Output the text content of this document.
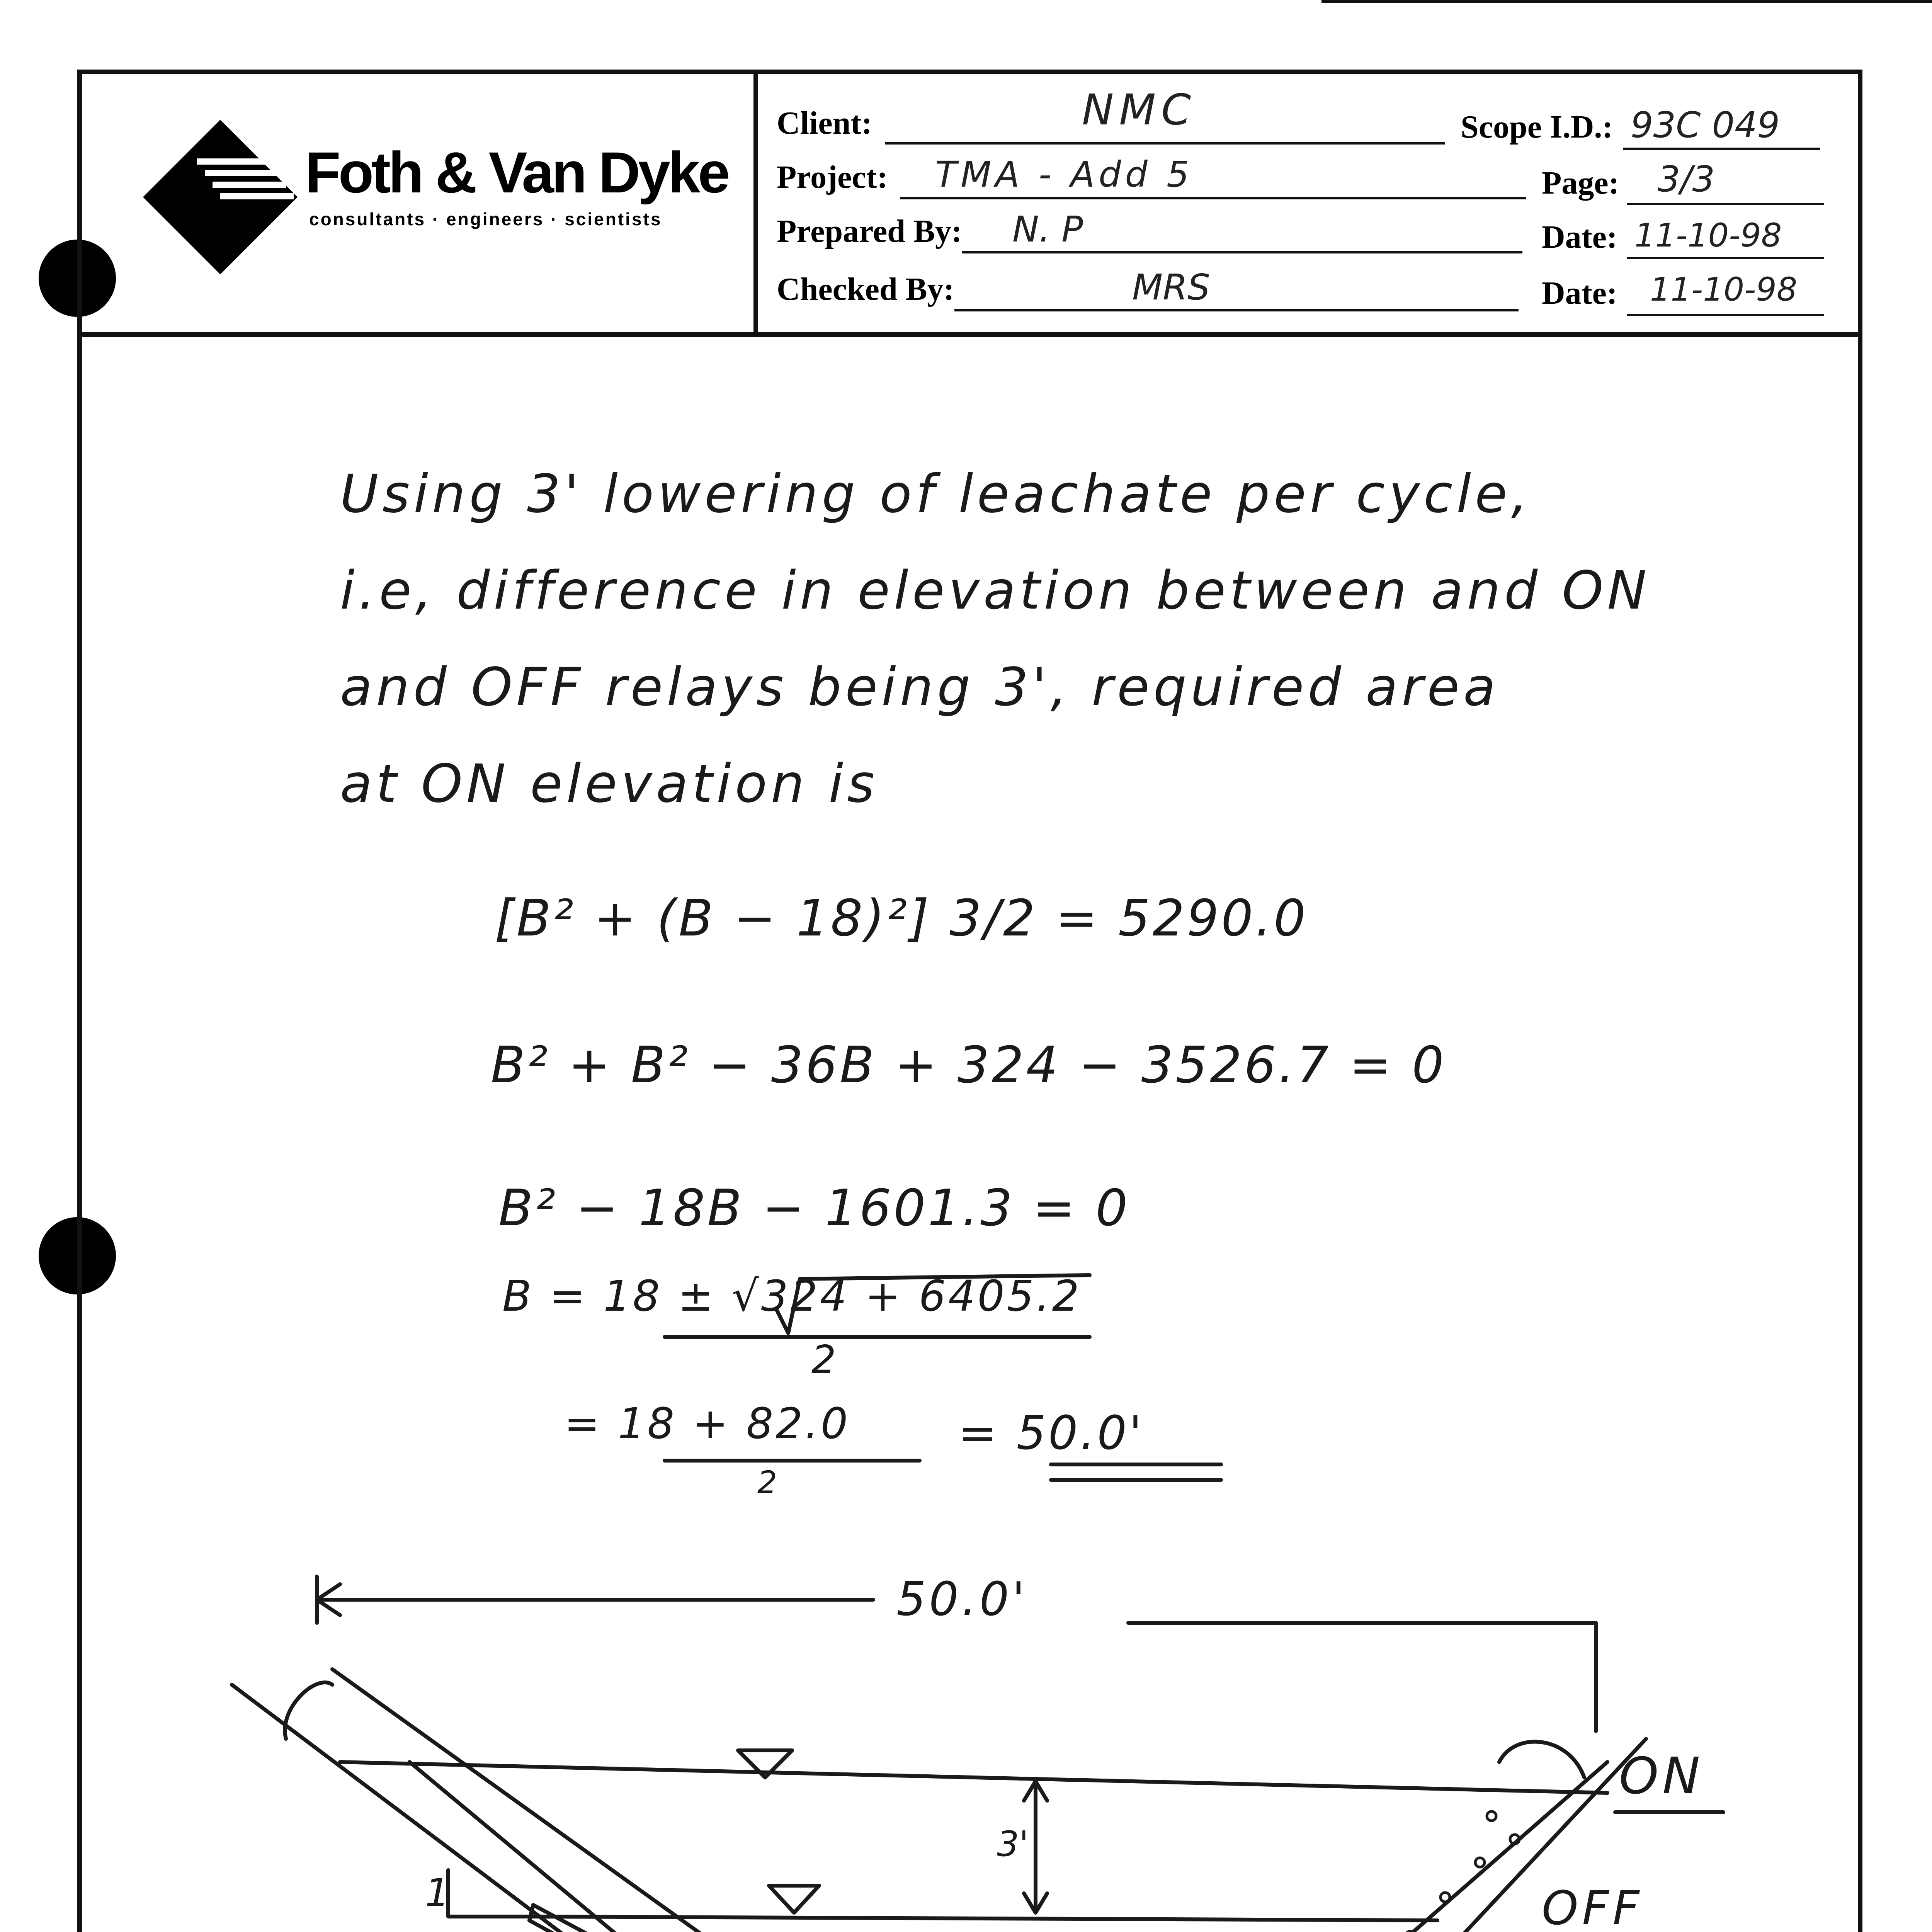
Foth & Van Dyke
consultants · engineers · scientists
Client:	NMC	Scope I.D.: 93C 049
Project: TMA - Add 5	Page: 3/3
Prepared By: N. P	Date: 11-10-98
Checked By:	MRS	Date: 11-10-98
Using 3' lowering of leachate per cycle,
i.e, difference in elevation between and ON
and OFF relays being 3', required area
at ON elevation is
[B² + (B − 18)²] 3/2 = 5290.0
B² + B² − 36B + 324 − 3526.7 = 0
B² − 18B − 1601.3 = 0
B = 18 ± √324 + 6405.2
2
= 18 + 82.0
2
= 50.0'
50.0'
ON
OFF
3'
1
